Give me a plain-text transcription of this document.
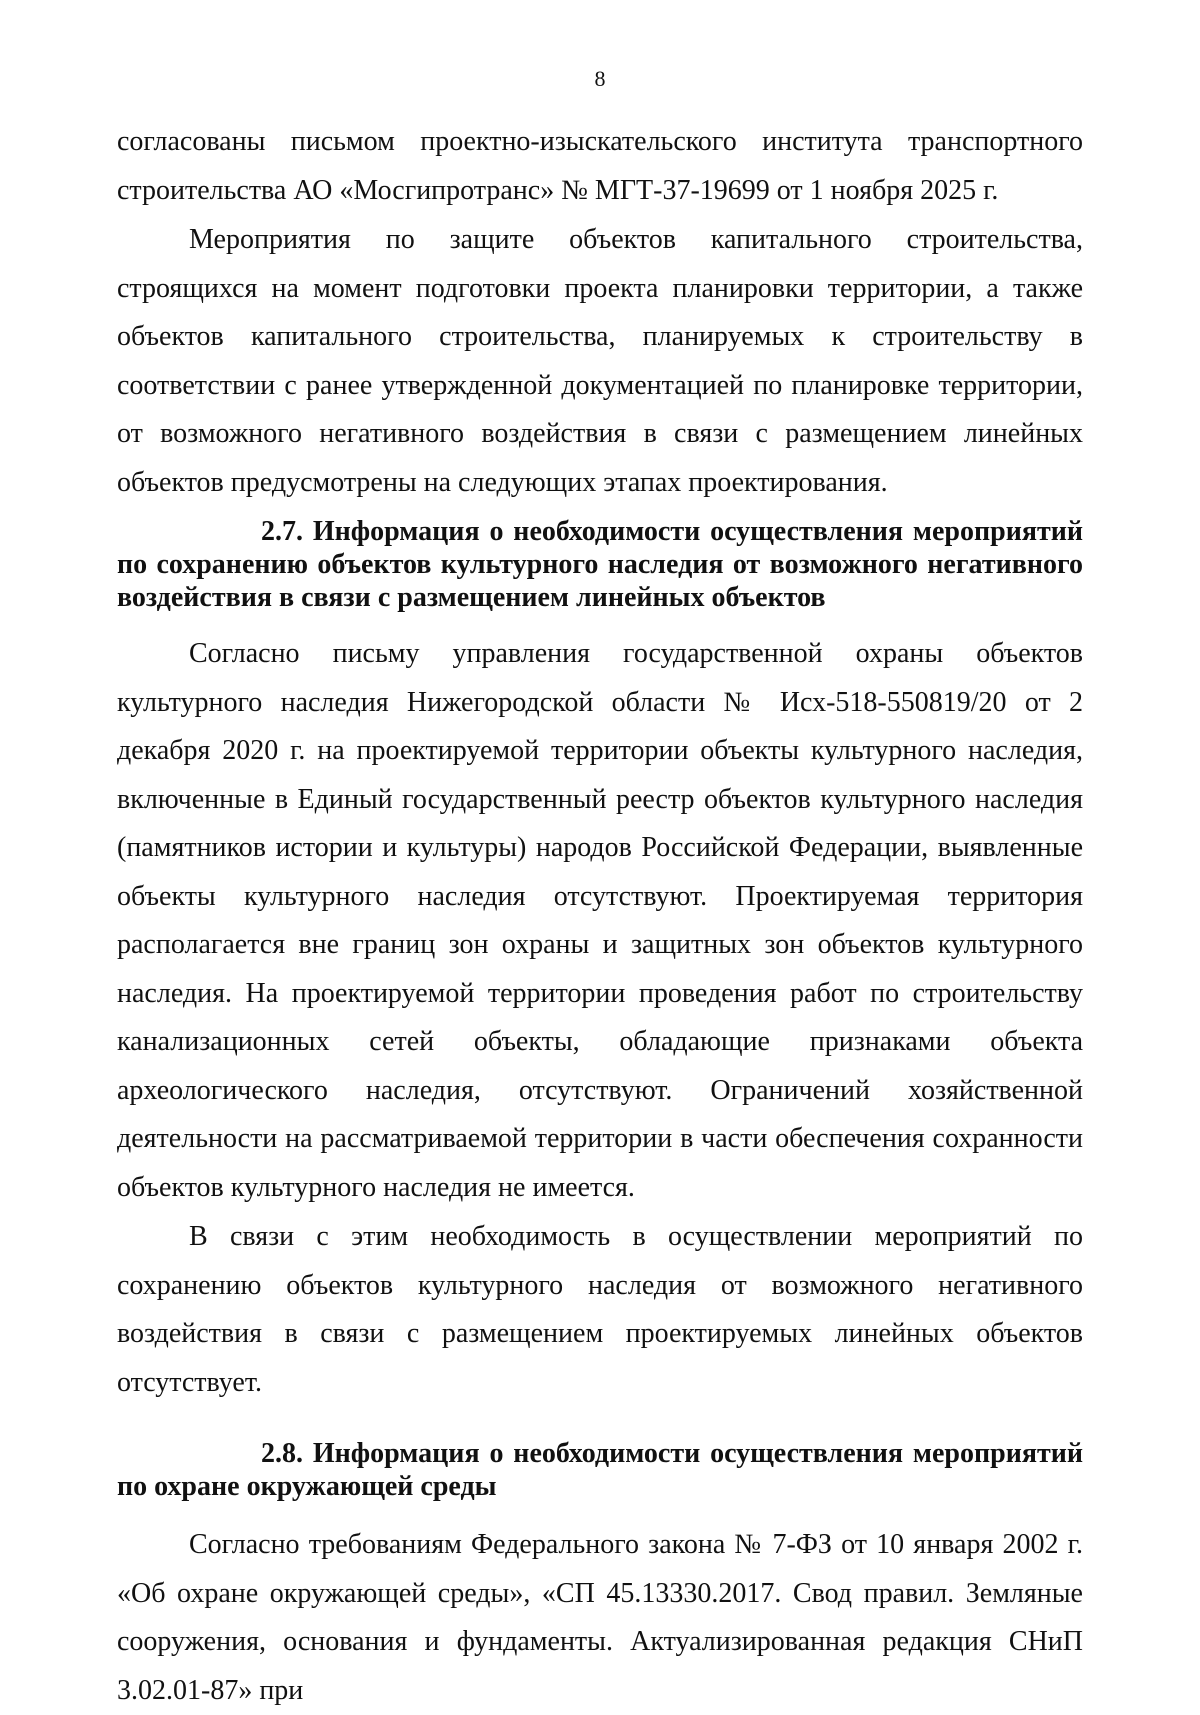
8

согласованы письмом проектно-изыскательского института транспортного строительства АО «Мосгипротранс» № МГТ-37-19699 от 1 ноября 2025 г.

Мероприятия по защите объектов капитального строительства, строящихся на момент подготовки проекта планировки территории, а также объектов капитального строительства, планируемых к строительству в соответствии с ранее утвержденной документацией по планировке территории, от возможного негативного воздействия в связи с размещением линейных объектов предусмотрены на следующих этапах проектирования.

2.7. Информация о необходимости осуществления мероприятий по сохранению объектов культурного наследия от возможного негативного воздействия в связи с размещением линейных объектов

Согласно письму управления государственной охраны объектов культурного наследия Нижегородской области № Исх-518-550819/20 от 2 декабря 2020 г. на проектируемой территории объекты культурного наследия, включенные в Единый государственный реестр объектов культурного наследия (памятников истории и культуры) народов Российской Федерации, выявленные объекты культурного наследия отсутствуют. Проектируемая территория располагается вне границ зон охраны и защитных зон объектов культурного наследия. На проектируемой территории проведения работ по строительству канализационных сетей объекты, обладающие признаками объекта археологического наследия, отсутствуют. Ограничений хозяйственной деятельности на рассматриваемой территории в части обеспечения сохранности объектов культурного наследия не имеется.

В связи с этим необходимость в осуществлении мероприятий по сохранению объектов культурного наследия от возможного негативного воздействия в связи с размещением проектируемых линейных объектов отсутствует.

2.8. Информация о необходимости осуществления мероприятий по охране окружающей среды

Согласно требованиям Федерального закона № 7-ФЗ от 10 января 2002 г. «Об охране окружающей среды», «СП 45.13330.2017. Свод правил. Земляные сооружения, основания и фундаменты. Актуализированная редакция СНиП 3.02.01-87» при
